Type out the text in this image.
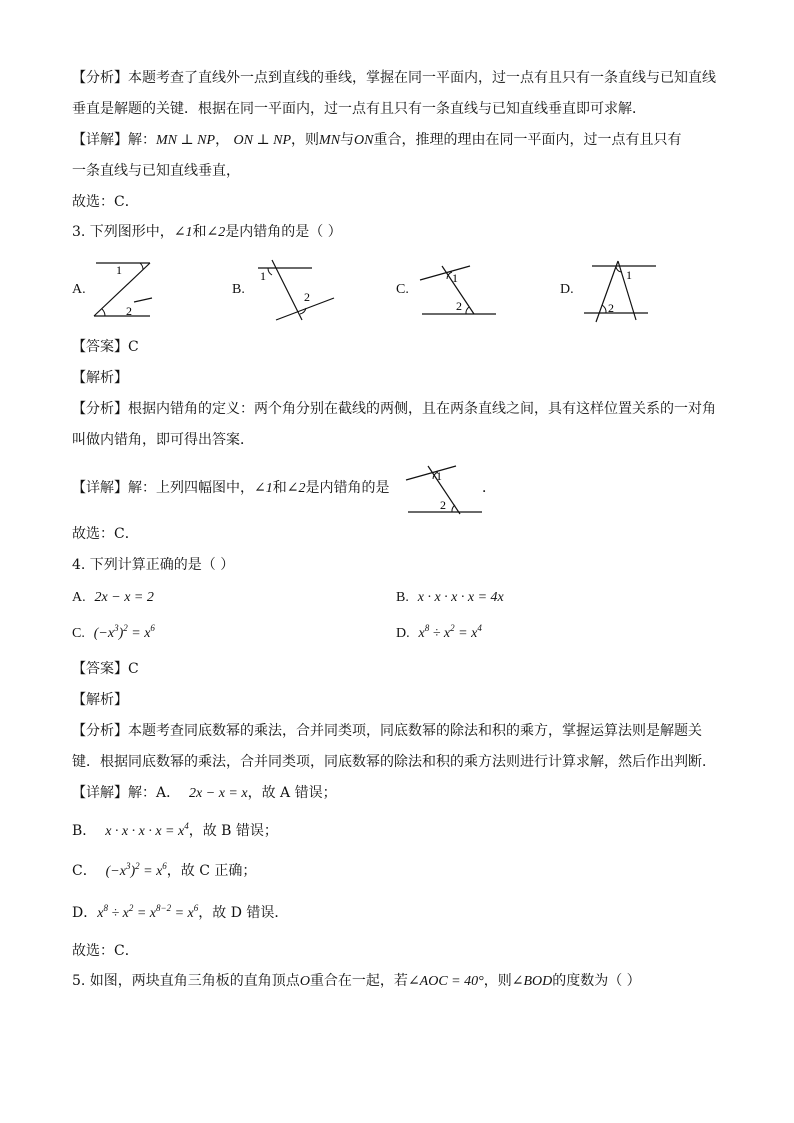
【分析】本题考查了直线外一点到直线的垂线，掌握在同一平面内，过一点有且只有一条直线与已知直线
垂直是解题的关键．根据在同一平面内，过一点有且只有一条直线与已知直线垂直即可求解．
【详解】解：MN ⊥ NP， ON ⊥ NP，则MN与ON重合，推理的理由在同一平面内，过一点有且只有
一条直线与已知直线垂直，
故选：C．
3. 下列图形中，∠1和∠2是内错角的是（ ）
A.
1
2
B.
1
2	C.
1
2
D.
1
2
【答案】C
【解析】
【分析】根据内错角的定义：两个角分别在截线的两侧，且在两条直线之间，具有这样位置关系的一对角
叫做内错角，即可得出答案．
【详解】解：上列四幅图中，∠1和∠2是内错角的是
1
2
．
故选：C．
4. 下列计算正确的是（ ）
A. 2x − x = 2	B. x · x · x · x = 4x
C. $(-x^3)^2 = x^6$	D. $x^8 \div x^2 = x^4$
【答案】C
【解析】
【分析】本题考查同底数幂的乘法，合并同类项，同底数幂的除法和积的乘方，掌握运算法则是解题关
键．根据同底数幂的乘法，合并同类项，同底数幂的除法和积的乘方法则进行计算求解，然后作出判断．
【详解】解：A． 2x − x = x，故 A 错误；
B． $x \cdot x \cdot x \cdot x = x^4$，故 B 错误；
C． $(-x^3)^2 = x^6$，故 C 正确；
D．$x^8 \div x^2 = x^{8-2} = x^6$，故 D 错误．
故选：C．
5. 如图，两块直角三角板的直角顶点O重合在一起，若∠AOC = 40°，则∠BOD的度数为（ ）
